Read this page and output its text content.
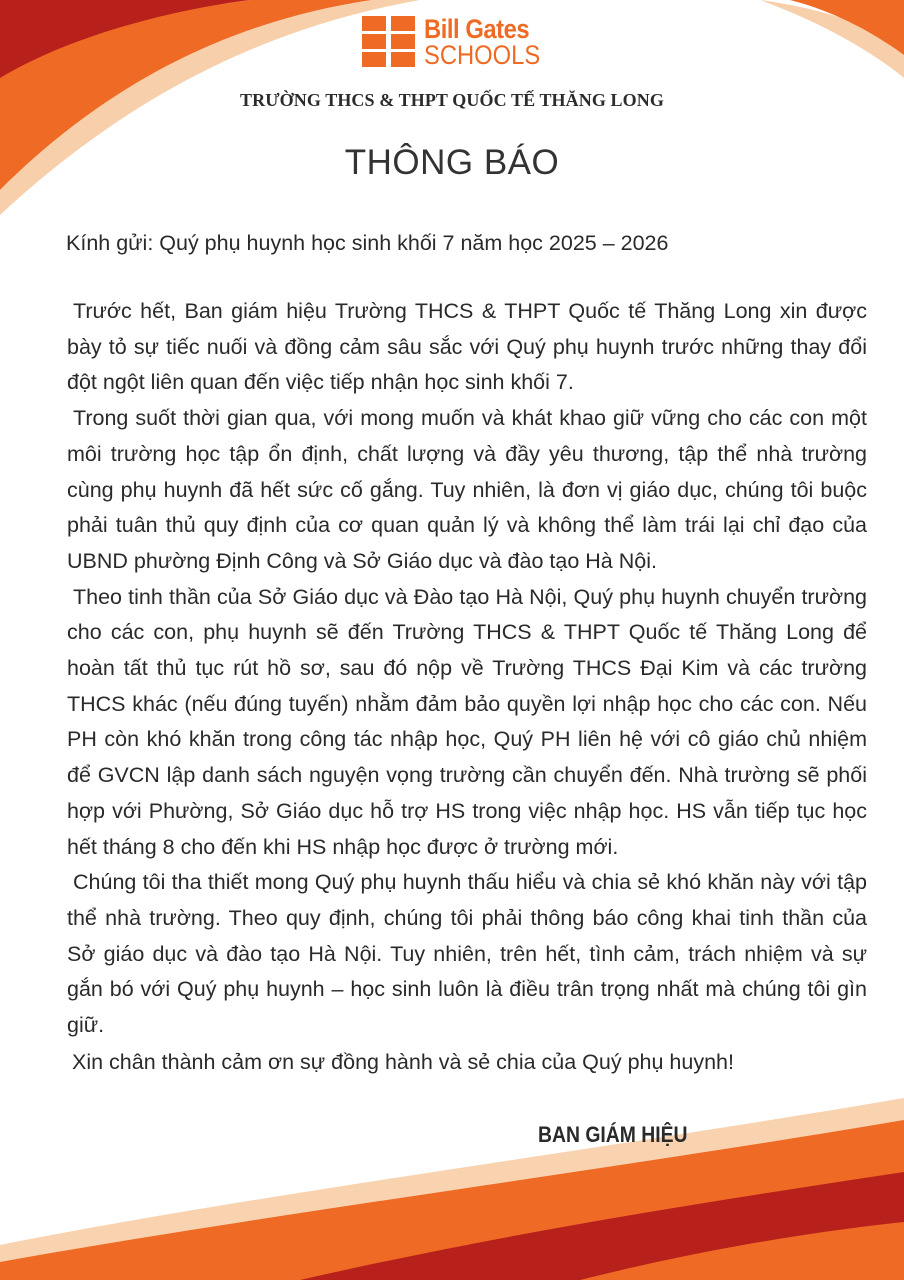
Bill Gates
SCHOOLS
TRƯỜNG THCS & THPT QUỐC TẾ THĂNG LONG
THÔNG BÁO
Kính gửi: Quý phụ huynh học sinh khối 7 năm học 2025 – 2026

Trước hết, Ban giám hiệu Trường THCS & THPT Quốc tế Thăng Long xin được bày tỏ sự tiếc nuối và đồng cảm sâu sắc với Quý phụ huynh trước những thay đổi đột ngột liên quan đến việc tiếp nhận học sinh khối 7.

Trong suốt thời gian qua, với mong muốn và khát khao giữ vững cho các con một môi trường học tập ổn định, chất lượng và đầy yêu thương, tập thể nhà trường cùng phụ huynh đã hết sức cố gắng. Tuy nhiên, là đơn vị giáo dục, chúng tôi buộc phải tuân thủ quy định của cơ quan quản lý và không thể làm trái lại chỉ đạo của UBND phường Định Công và Sở Giáo dục và đào tạo Hà Nội.

Theo tinh thần của Sở Giáo dục và Đào tạo Hà Nội, Quý phụ huynh chuyển trường cho các con, phụ huynh sẽ đến Trường THCS & THPT Quốc tế Thăng Long để hoàn tất thủ tục rút hồ sơ, sau đó nộp về Trường THCS Đại Kim và các trường THCS khác (nếu đúng tuyến) nhằm đảm bảo quyền lợi nhập học cho các con. Nếu PH còn khó khăn trong công tác nhập học, Quý PH liên hệ với cô giáo chủ nhiệm để GVCN lập danh sách nguyện vọng trường cần chuyển đến. Nhà trường sẽ phối hợp với Phường, Sở Giáo dục hỗ trợ HS trong việc nhập học. HS vẫn tiếp tục học hết tháng 8 cho đến khi HS nhập học được ở trường mới.

Chúng tôi tha thiết mong Quý phụ huynh thấu hiểu và chia sẻ khó khăn này với tập thể nhà trường. Theo quy định, chúng tôi phải thông báo công khai tinh thần của Sở giáo dục và đào tạo Hà Nội. Tuy nhiên, trên hết, tình cảm, trách nhiệm và sự gắn bó với Quý phụ huynh – học sinh luôn là điều trân trọng nhất mà chúng tôi gìn giữ.

Xin chân thành cảm ơn sự đồng hành và sẻ chia của Quý phụ huynh!
BAN GIÁM HIỆU
